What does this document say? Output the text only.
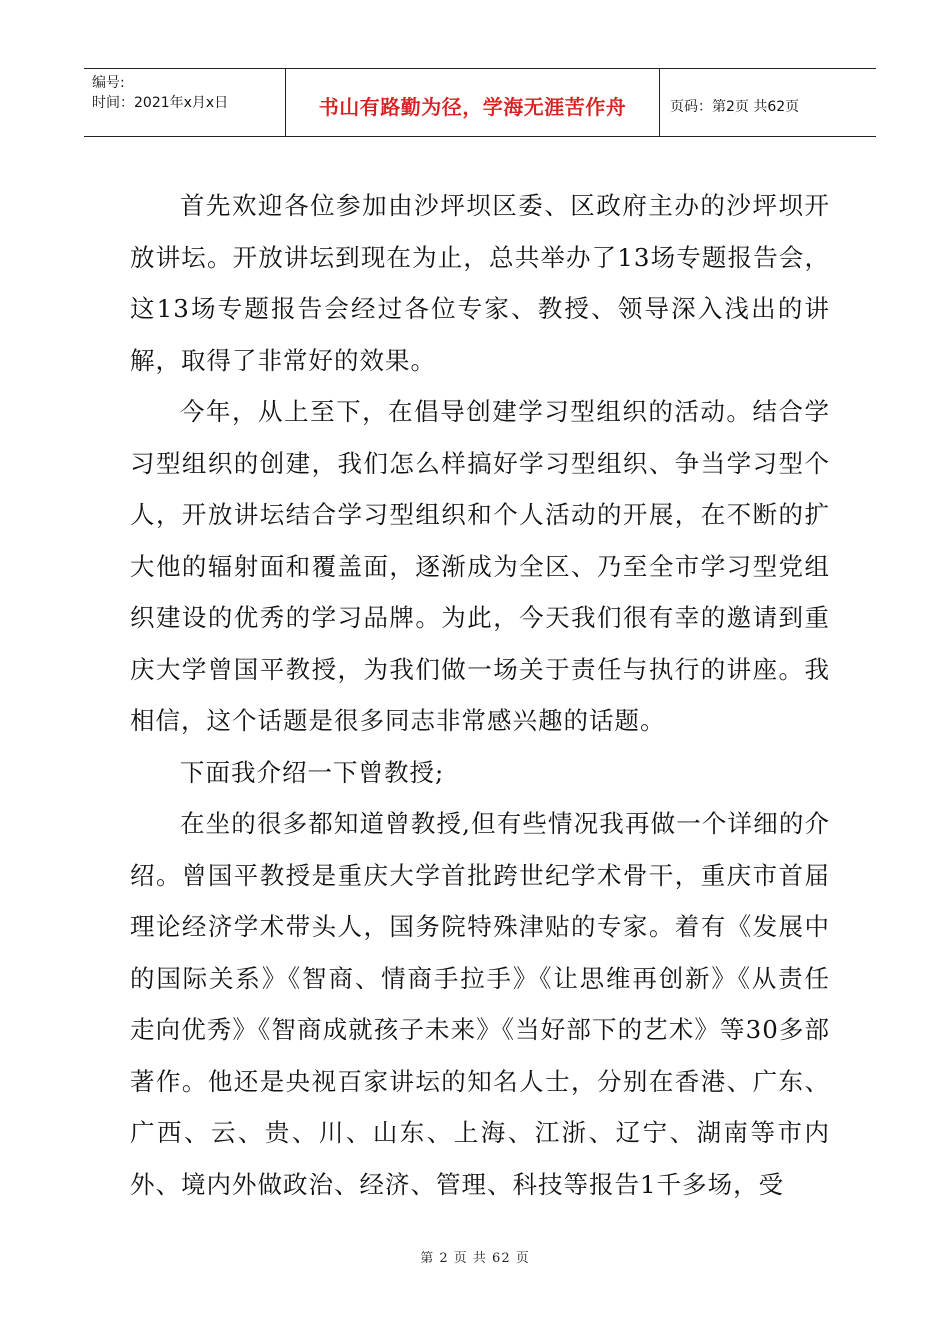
编号:
时间：2021年x月x日	书山有路勤为径，学海无涯苦作舟	页码：第2页 共62页

首先欢迎各位参加由沙坪坝区委、区政府主办的沙坪坝开放讲坛。开放讲坛到现在为止，总共举办了13场专题报告会，这13场专题报告会经过各位专家、教授、领导深入浅出的讲解，取得了非常好的效果。

今年，从上至下，在倡导创建学习型组织的活动。结合学习型组织的创建，我们怎么样搞好学习型组织、争当学习型个人，开放讲坛结合学习型组织和个人活动的开展，在不断的扩大他的辐射面和覆盖面，逐渐成为全区、乃至全市学习型党组织建设的优秀的学习品牌。为此，今天我们很有幸的邀请到重庆大学曾国平教授，为我们做一场关于责任与执行的讲座。我相信，这个话题是很多同志非常感兴趣的话题。

下面我介绍一下曾教授;

在坐的很多都知道曾教授,但有些情况我再做一个详细的介绍。曾国平教授是重庆大学首批跨世纪学术骨干，重庆市首届理论经济学术带头人，国务院特殊津贴的专家。着有《发展中的国际关系》《智商、情商手拉手》《让思维再创新》《从责任走向优秀》《智商成就孩子未来》《当好部下的艺术》等30多部著作。他还是央视百家讲坛的知名人士，分别在香港、广东、广西、云、贵、川、山东、上海、江浙、辽宁、湖南等市内外、境内外做政治、经济、管理、科技等报告1千多场，受

第 2 页 共 62 页
